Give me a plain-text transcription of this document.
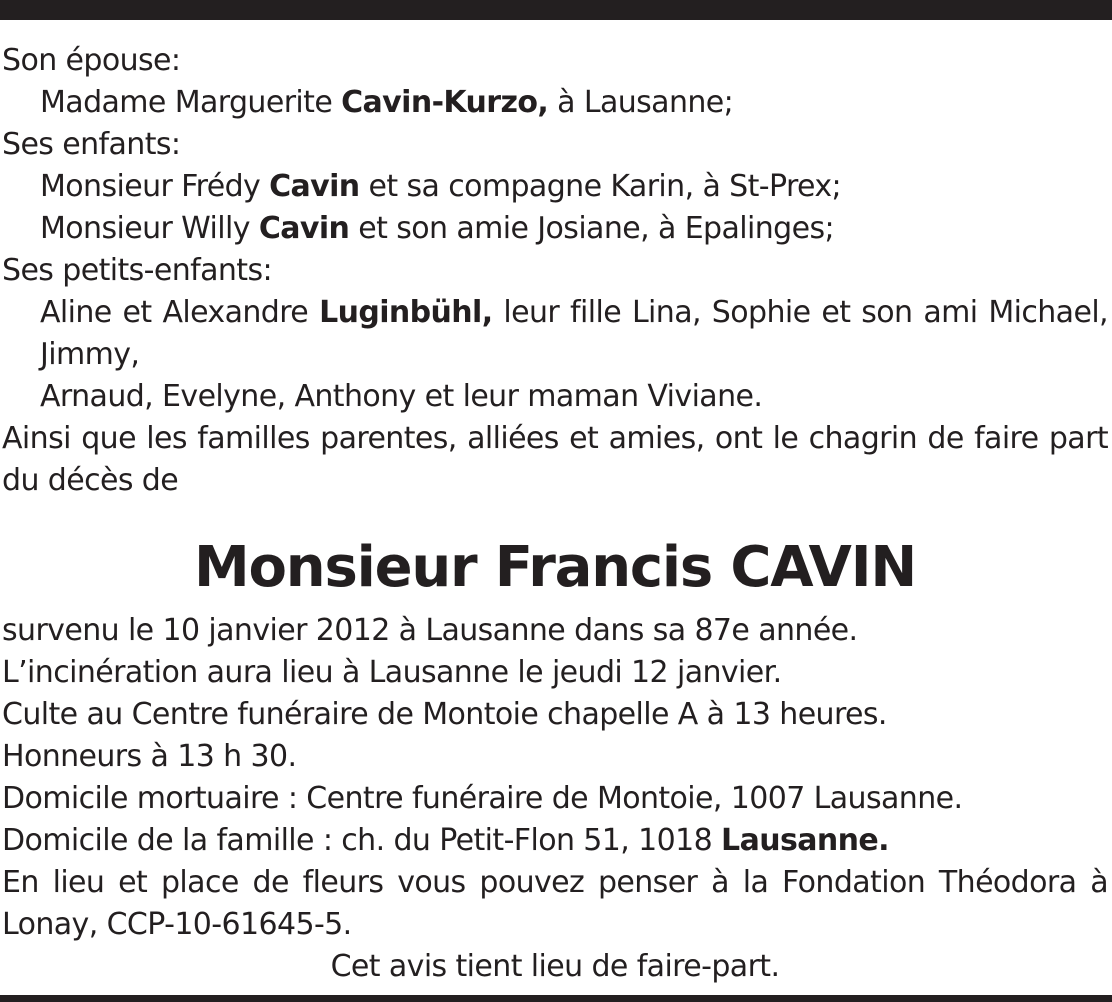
Son épouse:
Madame Marguerite Cavin-Kurzo, à Lausanne;
Ses enfants:
Monsieur Frédy Cavin et sa compagne Karin, à St-Prex;
Monsieur Willy Cavin et son amie Josiane, à Epalinges;
Ses petits-enfants:
Aline et Alexandre Luginbühl, leur fille Lina, Sophie et son ami Michael, Jimmy,
Arnaud, Evelyne, Anthony et leur maman Viviane.
Ainsi que les familles parentes, alliées et amies, ont le chagrin de faire part du décès de
Monsieur Francis CAVIN
survenu le 10 janvier 2012 à Lausanne dans sa 87e année.
L’incinération aura lieu à Lausanne le jeudi 12 janvier.
Culte au Centre funéraire de Montoie chapelle A à 13 heures.
Honneurs à 13 h 30.
Domicile mortuaire : Centre funéraire de Montoie, 1007 Lausanne.
Domicile de la famille : ch. du Petit-Flon 51, 1018 Lausanne.
En lieu et place de fleurs vous pouvez penser à la Fondation Théodora à Lonay, CCP-10-61645-5.
Cet avis tient lieu de faire-part.
